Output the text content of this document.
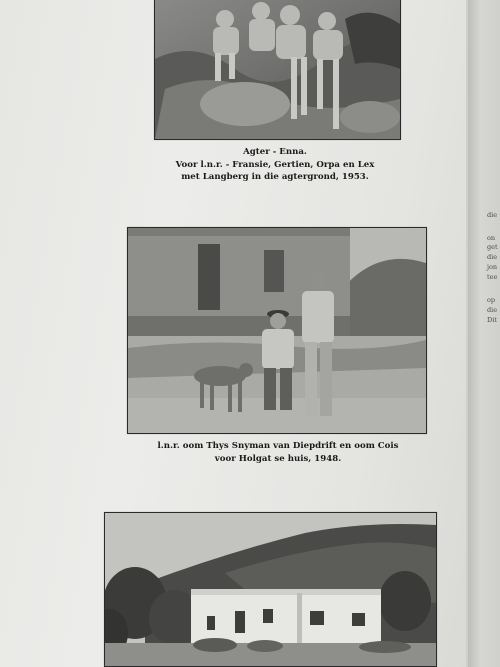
Agter - Enna.
Voor l.n.r. - Fransie, Gertien, Orpa en Lex
met Langberg in die agtergrond, 1953.
l.n.r. oom Thys Snyman van Diepdrift en oom Cois
voor Holgat se huis, 1948.
die
on
get
die
jon
tee
op
die
Dit
